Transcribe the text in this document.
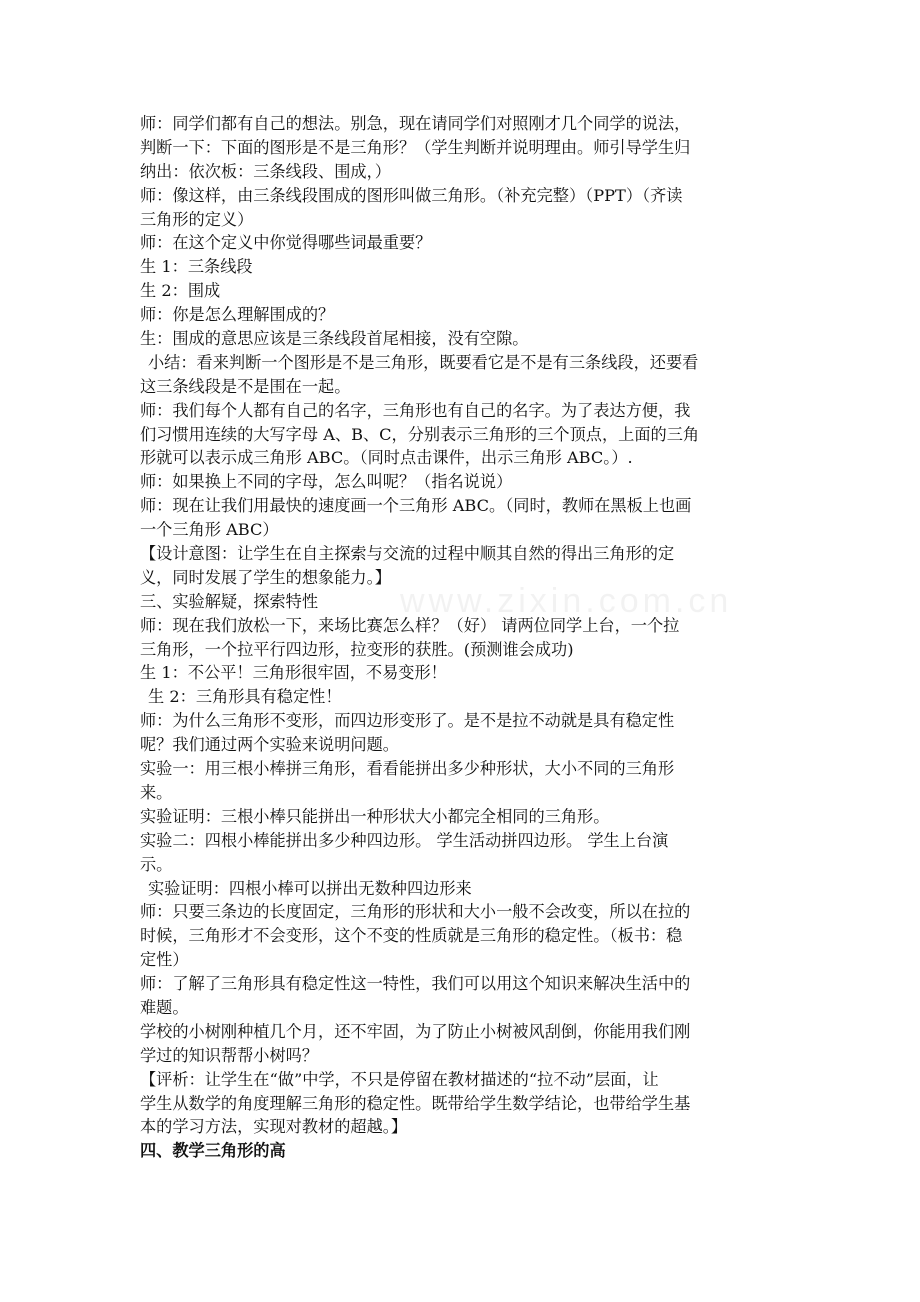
www.zixin.com.cn
师：同学们都有自己的想法。别急，现在请同学们对照刚才几个同学的说法，
判断一下：下面的图形是不是三角形？（学生判断并说明理由。师引导学生归
纳出：依次板：三条线段、围成，）
师：像这样，由三条线段围成的图形叫做三角形。（补充完整）（PPT）（齐读
三角形的定义）
师：在这个定义中你觉得哪些词最重要？
生 1：三条线段
生 2：围成
师：你是怎么理解围成的？
生：围成的意思应该是三条线段首尾相接，没有空隙。
小结：看来判断一个图形是不是三角形，既要看它是不是有三条线段，还要看
这三条线段是不是围在一起。
师：我们每个人都有自己的名字，三角形也有自己的名字。为了表达方便，我
们习惯用连续的大写字母 A、B、C，分别表示三角形的三个顶点，上面的三角
形就可以表示成三角形 ABC。（同时点击课件，出示三角形 ABC。）.
师：如果换上不同的字母，怎么叫呢？（指名说说）
师：现在让我们用最快的速度画一个三角形 ABC。（同时，教师在黑板上也画
一个三角形 ABC）
【设计意图：让学生在自主探索与交流的过程中顺其自然的得出三角形的定
义，同时发展了学生的想象能力。】
三、实验解疑，探索特性
师：现在我们放松一下，来场比赛怎么样？（好） 请两位同学上台，一个拉
三角形，一个拉平行四边形，拉变形的获胜。(预测谁会成功)
生 1：不公平！三角形很牢固，不易变形！
生 2：三角形具有稳定性！
师：为什么三角形不变形，而四边形变形了。是不是拉不动就是具有稳定性
呢？我们通过两个实验来说明问题。
实验一：用三根小棒拼三角形，看看能拼出多少种形状，大小不同的三角形
来。
实验证明：三根小棒只能拼出一种形状大小都完全相同的三角形。
实验二：四根小棒能拼出多少种四边形。 学生活动拼四边形。 学生上台演
示。
实验证明：四根小棒可以拼出无数种四边形来
师：只要三条边的长度固定，三角形的形状和大小一般不会改变，所以在拉的
时候，三角形才不会变形，这个不变的性质就是三角形的稳定性。（板书：稳
定性）
师：了解了三角形具有稳定性这一特性，我们可以用这个知识来解决生活中的
难题。
学校的小树刚种植几个月，还不牢固，为了防止小树被风刮倒，你能用我们刚
学过的知识帮帮小树吗？
【评析：让学生在“做”中学，不只是停留在教材描述的“拉不动”层面，让
学生从数学的角度理解三角形的稳定性。既带给学生数学结论，也带给学生基
本的学习方法，实现对教材的超越。】
四、教学三角形的高
